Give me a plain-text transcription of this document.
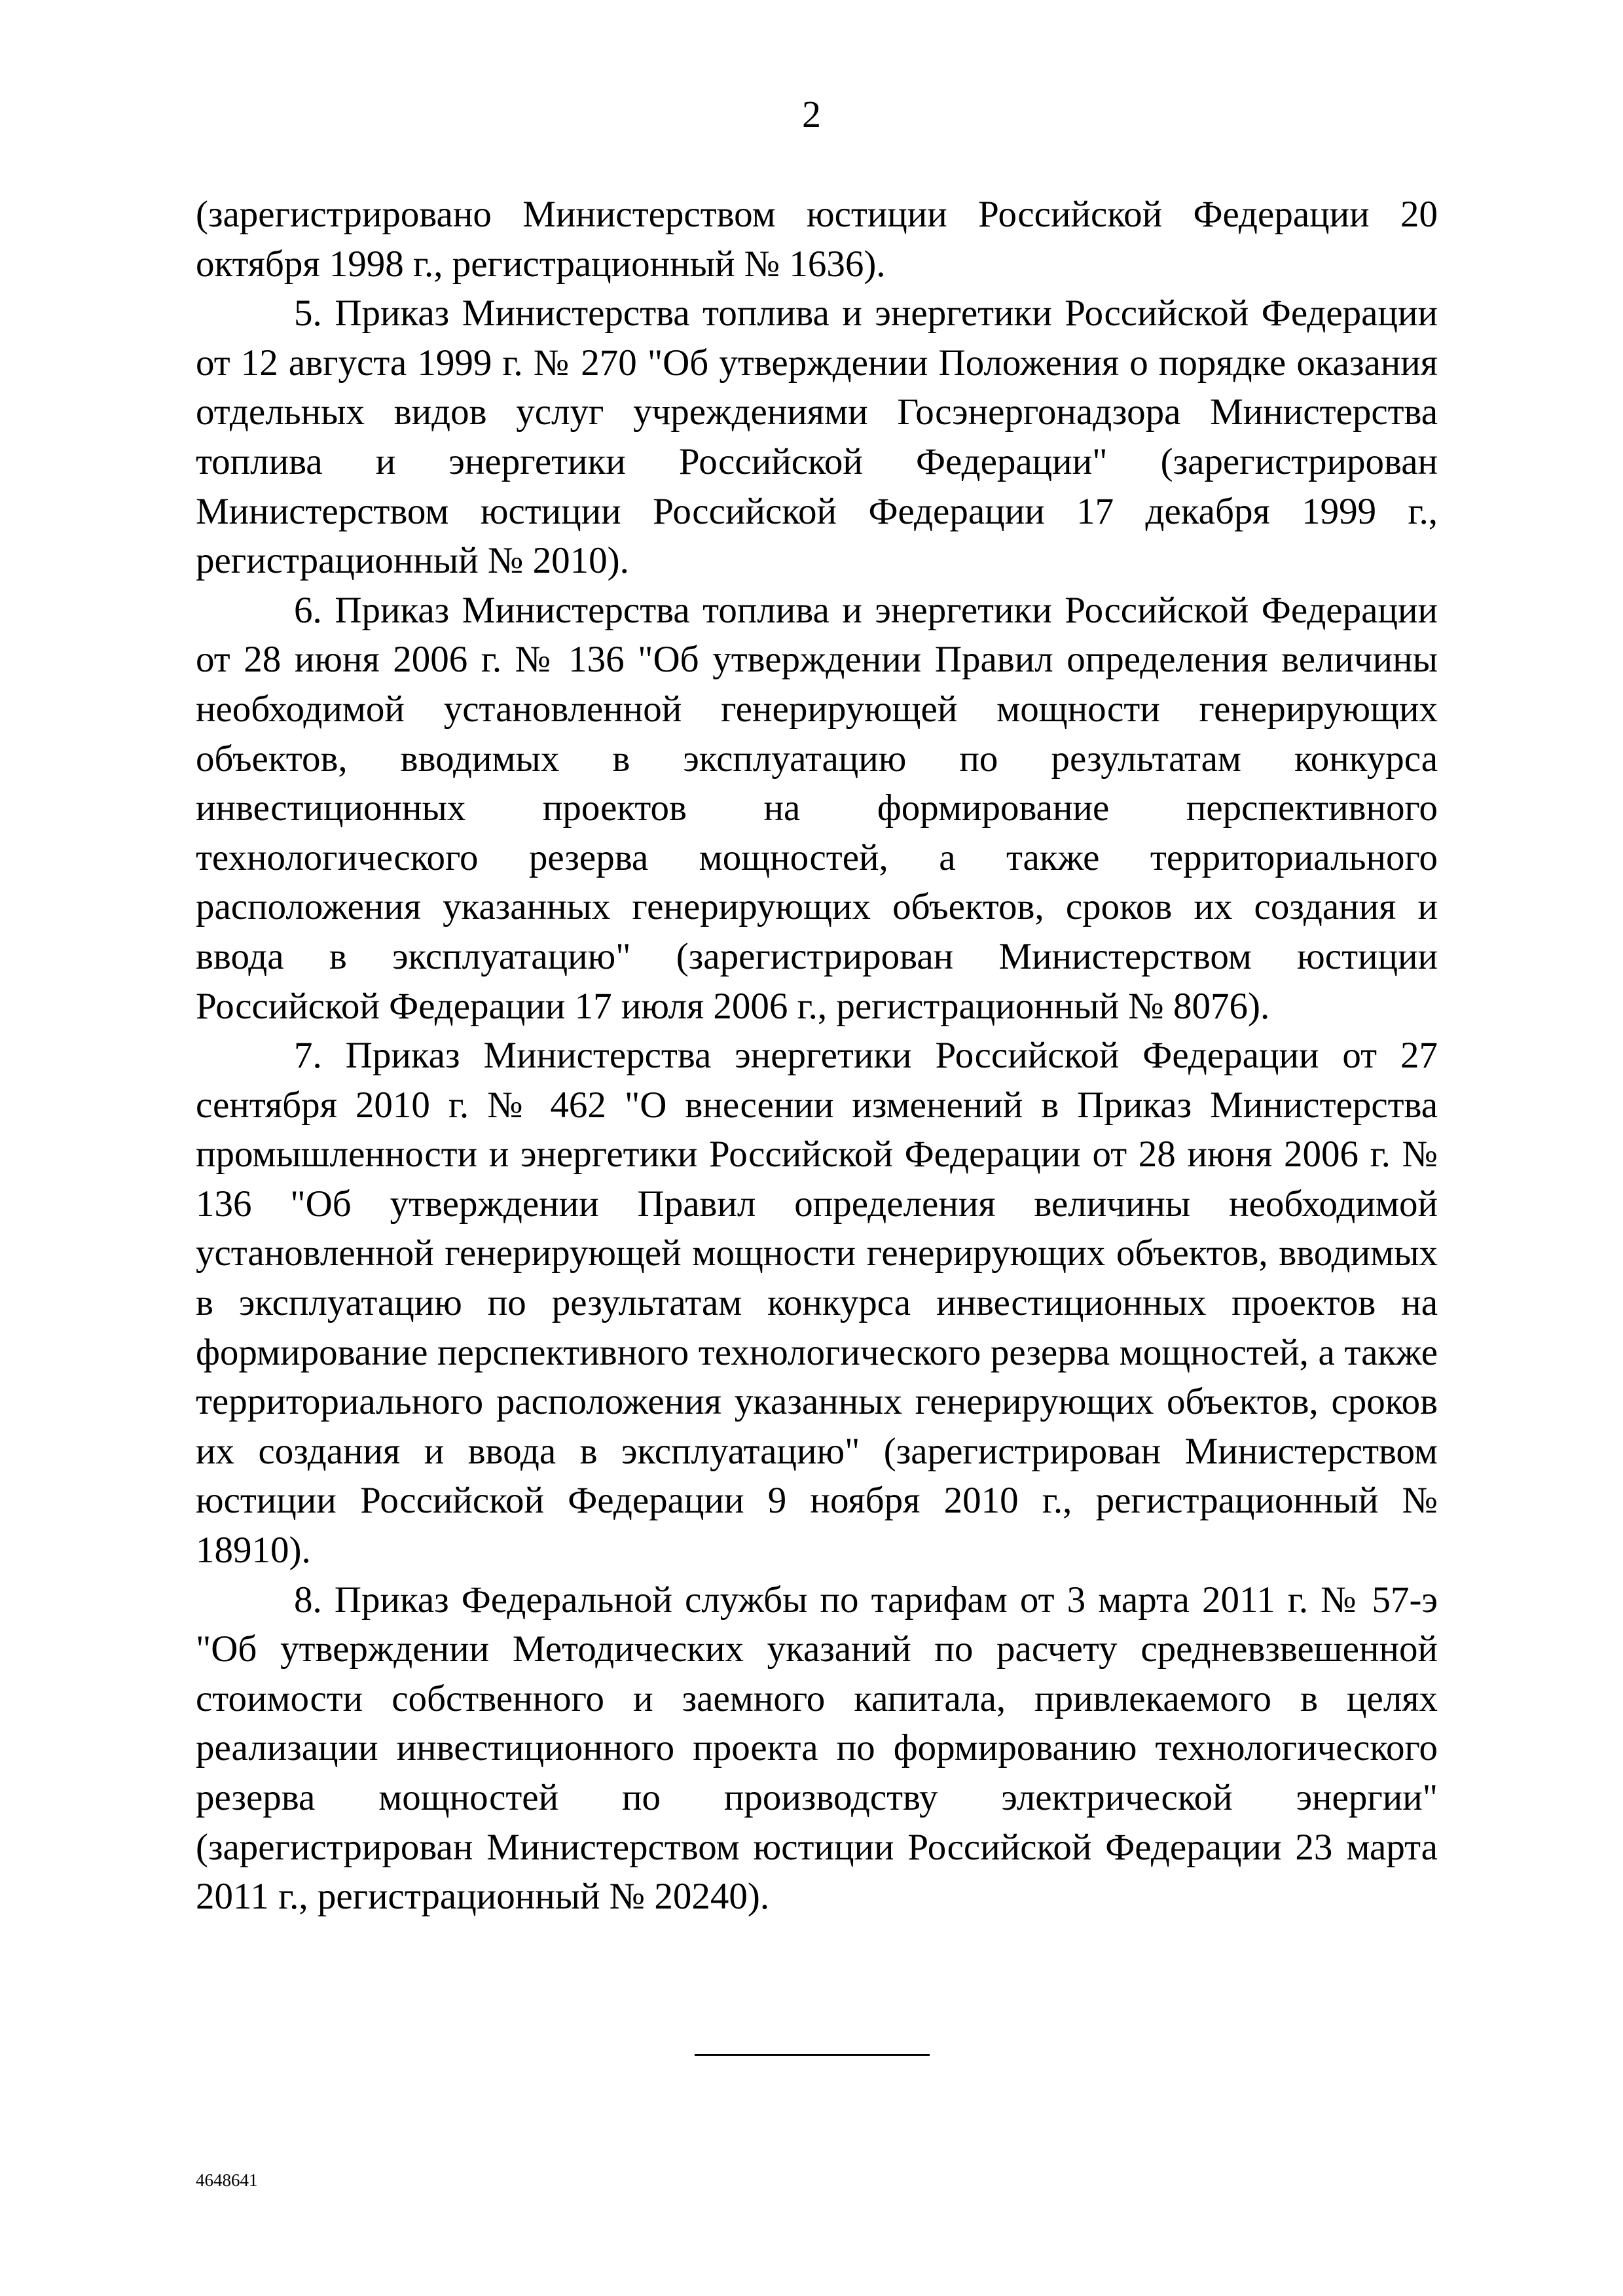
2

(зарегистрировано Министерством юстиции Российской Федерации 20 октября 1998 г., регистрационный № 1636).

5. Приказ Министерства топлива и энергетики Российской Федерации от 12 августа 1999 г. № 270 "Об утверждении Положения о порядке оказания отдельных видов услуг учреждениями Госэнергонадзора Министерства топлива и энергетики Российской Федерации" (зарегистрирован Министерством юстиции Российской Федерации 17 декабря 1999 г., регистрационный № 2010).

6. Приказ Министерства топлива и энергетики Российской Федерации от 28 июня 2006 г. № 136 "Об утверждении Правил определения величины необходимой установленной генерирующей мощности генерирующих объектов, вводимых в эксплуатацию по результатам конкурса инвестиционных проектов на формирование перспективного технологического резерва мощностей, а также территориального расположения указанных генерирующих объектов, сроков их создания и ввода в эксплуатацию" (зарегистрирован Министерством юстиции Российской Федерации 17 июля 2006 г., регистрационный № 8076).

7. Приказ Министерства энергетики Российской Федерации от 27 сентября 2010 г. № 462 "О внесении изменений в Приказ Министерства промышленности и энергетики Российской Федерации от 28 июня 2006 г. № 136 "Об утверждении Правил определения величины необходимой установленной генерирующей мощности генерирующих объектов, вводимых в эксплуатацию по результатам конкурса инвестиционных проектов на формирование перспективного технологического резерва мощностей, а также территориального расположения указанных генерирующих объектов, сроков их создания и ввода в эксплуатацию" (зарегистрирован Министерством юстиции Российской Федерации 9 ноября 2010 г., регистрационный № 18910).

8. Приказ Федеральной службы по тарифам от 3 марта 2011 г. № 57-э "Об утверждении Методических указаний по расчету средневзвешенной стоимости собственного и заемного капитала, привлекаемого в целях реализации инвестиционного проекта по формированию технологического резерва мощностей по производству электрической энергии" (зарегистрирован Министерством юстиции Российской Федерации 23 марта 2011 г., регистрационный № 20240).

4648641
